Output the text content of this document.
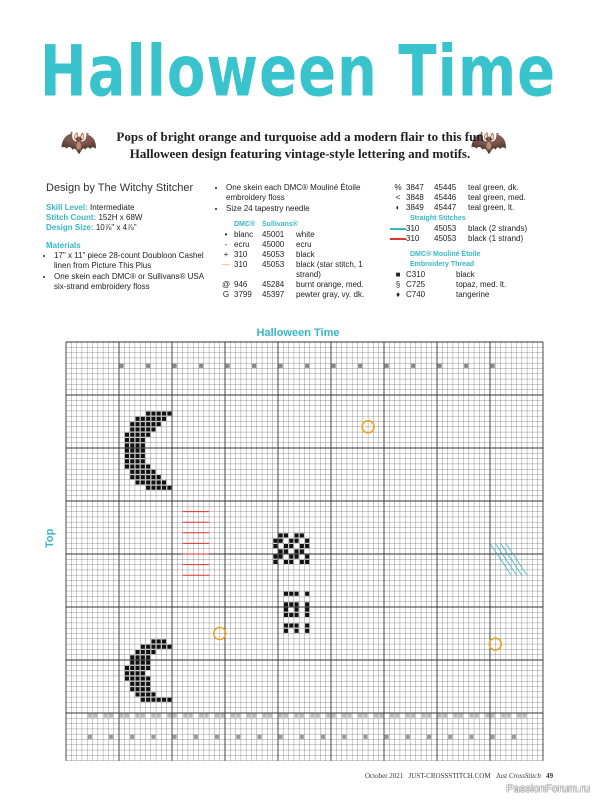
🦇	🦇
Halloween Time
Pops of bright orange and turquoise add a modern flair to this fun Halloween design featuring vintage-style lettering and motifs.
Design by The Witchy Stitcher
Skill Level: Intermediate
Stitch Count: 152H x 68W
Design Size: 10⅞" x 4⅞"
Materials
• 17" x 11" piece 28-count Doubloon Cashel linen from Picture This Plus
• One skein each DMC® or Sullivans® USA six-strand embroidery floss
• One skein each DMC® Mouliné Étoile embroidery floss
• Size 24 tapestry needle
DMC® Sullivans®
• blanc	45001	white
- ecru	45000	ecru
+ 310	45053	black
— 310	45053	black (star stitch, 1 strand)
@ 946	45284	burnt orange, med.
G 3799	45397	pewter gray, vy. dk.
% 3847	45445	teal green, dk.
< 3848	45446	teal green, med.
◐ 3849	45447	teal green, lt.
Straight Stitches
310	45053	black (2 strands)
310	45053	black (1 strand)
DMC® Mouliné Étoile Embroidery Thread
■ C310	black
§ C725	topaz, med. lt.
♦ C740	tangerine
Halloween Time
Top
October 2021 JUST-CROSSSTITCH.COM Just CrossStitch 49
PassionForum.ru
